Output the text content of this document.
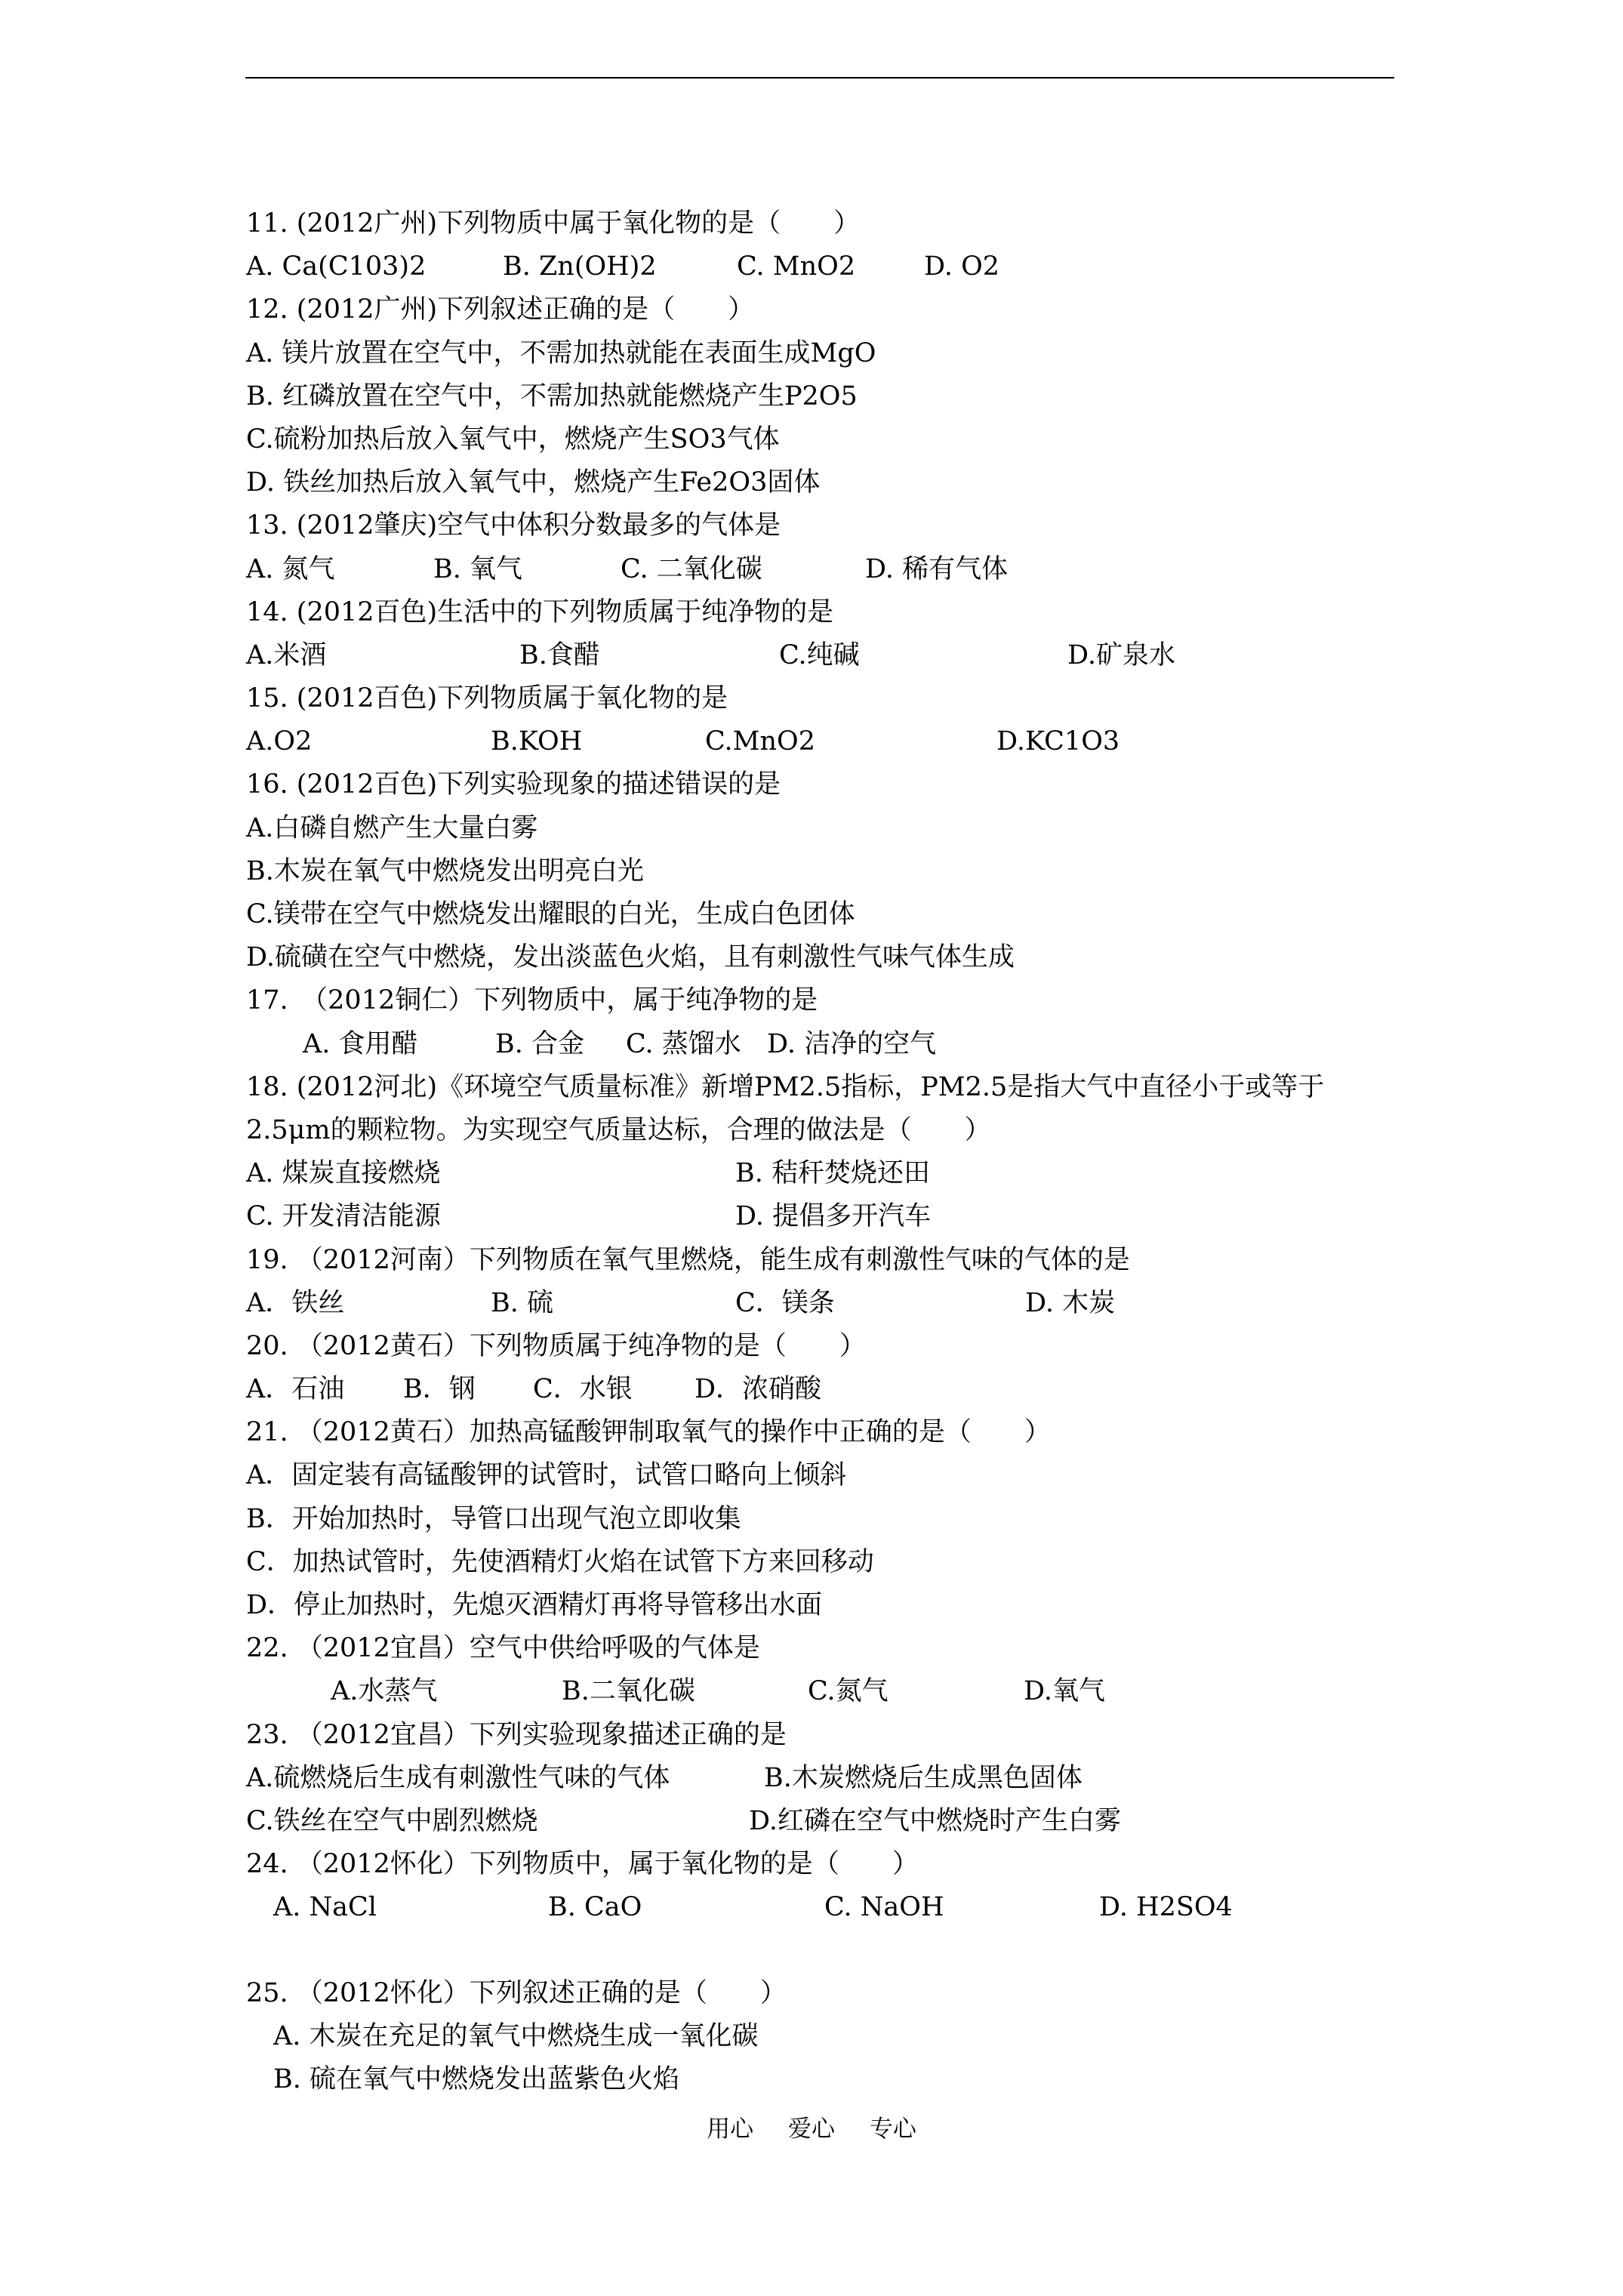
11. (2012广州)下列物质中属于氧化物的是（　　）
A. Ca(C103)2	B. Zn(OH)2	C. MnO2	D. O2
12. (2012广州)下列叙述正确的是（　　）
A. 镁片放置在空气中，不需加热就能在表面生成MgO
B. 红磷放置在空气中，不需加热就能燃烧产生P2O5
C.硫粉加热后放入氧气中，燃烧产生SO3气体
D. 铁丝加热后放入氧气中，燃烧产生Fe2O3固体
13. (2012肇庆)空气中体积分数最多的气体是
A. 氮气	B. 氧气	C. 二氧化碳	D. 稀有气体
14. (2012百色)生活中的下列物质属于纯净物的是
A.米酒	B.食醋	C.纯碱	D.矿泉水
15. (2012百色)下列物质属于氧化物的是
A.O2	B.KOH	C.MnO2	D.KC1O3
16. (2012百色)下列实验现象的描述错误的是
A.白磷自燃产生大量白雾
B.木炭在氧气中燃烧发出明亮白光
C.镁带在空气中燃烧发出耀眼的白光，生成白色团体
D.硫磺在空气中燃烧，发出淡蓝色火焰，且有刺激性气味气体生成
17.　（2012铜仁）下列物质中，属于纯净物的是
A. 食用醋	B. 合金 C. 蒸馏水 D. 洁净的空气
18. (2012河北)《环境空气质量标准》新增PM2.5指标，PM2.5是指大气中直径小于或等于
2.5μm的颗粒物。为实现空气质量达标，合理的做法是（　　）
A. 煤炭直接燃烧	B. 秸秆焚烧还田
C. 开发清洁能源	D. 提倡多开汽车
19. （2012河南）下列物质在氧气里燃烧，能生成有刺激性气味的气体的是
A．铁丝	B. 硫	C．镁条	D. 木炭
20. （2012黄石）下列物质属于纯净物的是（　　）
A．石油 B．钢 C．水银 D．浓硝酸
21. （2012黄石）加热高锰酸钾制取氧气的操作中正确的是（　　）
A．固定装有高锰酸钾的试管时，试管口略向上倾斜
B．开始加热时，导管口出现气泡立即收集
C．加热试管时，先使酒精灯火焰在试管下方来回移动
D．停止加热时，先熄灭酒精灯再将导管移出水面
22. （2012宜昌）空气中供给呼吸的气体是
A.水蒸气	B.二氧化碳	C.氮气	D.氧气
23. （2012宜昌）下列实验现象描述正确的是
A.硫燃烧后生成有刺激性气味的气体	B.木炭燃烧后生成黑色固体
C.铁丝在空气中剧烈燃烧	D.红磷在空气中燃烧时产生白雾
24. （2012怀化）下列物质中，属于氧化物的是（　　）
A. NaCl	B. CaO	C. NaOH	D. H2SO4
25. （2012怀化）下列叙述正确的是（　　）
A. 木炭在充足的氧气中燃烧生成一氧化碳
B. 硫在氧气中燃烧发出蓝紫色火焰
用心 爱心 专心
